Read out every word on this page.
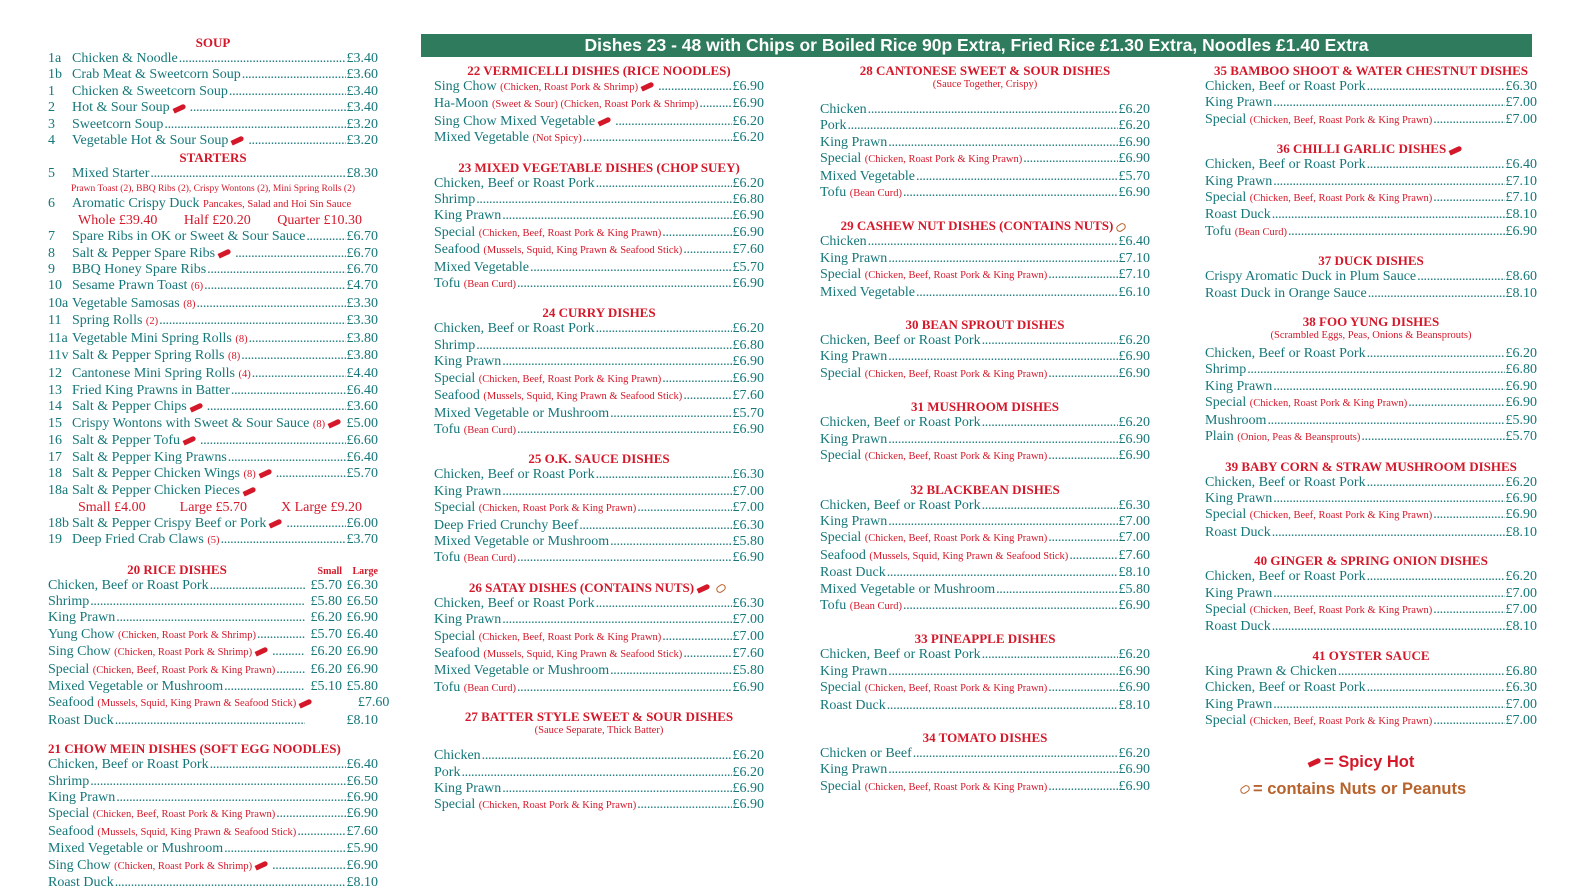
Dishes 23 - 48 with Chips or Boiled Rice 90p Extra, Fried Rice £1.30 Extra, Noodles £1.40 Extra
SOUP
1a Chicken & Noodle .....	£3.40
1b Crab Meat & Sweetcorn Soup .....	£3.60
1 Chicken & Sweetcorn Soup .....	£3.40
2 Hot & Sour Soup .....	£3.40
3 Sweetcorn Soup .....	£3.20
4 Vegetable Hot & Sour Soup .....	£3.20
STARTERS
5 Mixed Starter .....	£8.30
Prawn Toast (2), BBQ Ribs (2), Crispy Wontons (2), Mini Spring Rolls (2)
6 Aromatic Crispy Duck Pancakes, Salad and Hoi Sin Sauce
Whole £39.40 Half £20.20 Quarter £10.30
7 Spare Ribs in OK or Sweet & Sour Sauce .....	£6.70
8 Salt & Pepper Spare Ribs .....	£6.70
9 BBQ Honey Spare Ribs .....	£6.70
10 Sesame Prawn Toast (6) .....	£4.70
10a Vegetable Samosas (8) .....	£3.30
11 Spring Rolls (2) .....	£3.30
11a Vegetable Mini Spring Rolls (8) .....	£3.80
11v Salt & Pepper Spring Rolls (8) .....	£3.80
12 Cantonese Mini Spring Rolls (4) .....	£4.40
13 Fried King Prawns in Batter .....	£6.40
14 Salt & Pepper Chips .....	£3.60
15 Crispy Wontons with Sweet & Sour Sauce (8) .....	£5.00
16 Salt & Pepper Tofu .....	£6.60
17 Salt & Pepper King Prawns .....	£6.40
18 Salt & Pepper Chicken Wings (8) .....	£5.70
18a Salt & Pepper Chicken Pieces
Small £4.00 Large £5.70 X Large £9.20
18b Salt & Pepper Crispy Beef or Pork .....	£6.00
19 Deep Fried Crab Claws (5) .....	£3.70
20 RICE DISHES	Small	Large
Chicken, Beef or Roast Pork .....	£5.70 £6.30
Shrimp .....	£5.80 £6.50
King Prawn .....	£6.20 £6.90
Yung Chow (Chicken, Roast Pork & Shrimp) .....	£5.70 £6.40
Sing Chow (Chicken, Roast Pork & Shrimp) .....	£6.20 £6.90
Special (Chicken, Beef, Roast Pork & King Prawn) .....	£6.20 £6.90
Mixed Vegetable or Mushroom .....	£5.10 £5.80
Seafood (Mussels, Squid, King Prawn & Seafood Stick)	£7.60
Roast Duck .....	£8.10
21 CHOW MEIN DISHES (SOFT EGG NOODLES)
Chicken, Beef or Roast Pork .....	£6.40
Shrimp .....	£6.50
King Prawn .....	£6.90
Special (Chicken, Beef, Roast Pork & King Prawn) .....	£6.90
Seafood (Mussels, Squid, King Prawn & Seafood Stick) .....	£7.60
Mixed Vegetable or Mushroom .....	£5.90
Sing Chow (Chicken, Roast Pork & Shrimp) .....	£6.90
Roast Duck .....	£8.10
22 VERMICELLI DISHES (RICE NOODLES)
Sing Chow (Chicken, Roast Pork & Shrimp) .....	£6.90
Ha-Moon (Sweet & Sour) (Chicken, Roast Pork & Shrimp) ..... £6.90
Sing Chow Mixed Vegetable .....	£6.20
Mixed Vegetable (Not Spicy) .....	£6.20
23 MIXED VEGETABLE DISHES (CHOP SUEY)
Chicken, Beef or Roast Pork .....	£6.20
Shrimp .....	£6.80
King Prawn .....	£6.90
Special (Chicken, Beef, Roast Pork & King Prawn) .....	£6.90
Seafood (Mussels, Squid, King Prawn & Seafood Stick) .....	£7.60
Mixed Vegetable .....	£5.70
Tofu (Bean Curd) .....	£6.90
24 CURRY DISHES
Chicken, Beef or Roast Pork .....	£6.20
Shrimp .....	£6.80
King Prawn .....	£6.90
Special (Chicken, Beef, Roast Pork & King Prawn) .....	£6.90
Seafood (Mussels, Squid, King Prawn & Seafood Stick) .....	£7.60
Mixed Vegetable or Mushroom .....	£5.70
Tofu (Bean Curd) .....	£6.90
25 O.K. SAUCE DISHES
Chicken, Beef or Roast Pork .....	£6.30
King Prawn .....	£7.00
Special (Chicken, Roast Pork & King Prawn) .....	£7.00
Deep Fried Crunchy Beef .....	£6.30
Mixed Vegetable or Mushroom .....	£5.80
Tofu (Bean Curd) .....	£6.90
26 SATAY DISHES (CONTAINS NUTS)
Chicken, Beef or Roast Pork .....	£6.30
King Prawn .....	£7.00
Special (Chicken, Beef, Roast Pork & King Prawn) .....	£7.00
Seafood (Mussels, Squid, King Prawn & Seafood Stick) .....	£7.60
Mixed Vegetable or Mushroom .....	£5.80
Tofu (Bean Curd) .....	£6.90
27 BATTER STYLE SWEET & SOUR DISHES
(Sauce Separate, Thick Batter)
Chicken .....	£6.20
Pork .....	£6.20
King Prawn .....	£6.90
Special (Chicken, Roast Pork & King Prawn) .....	£6.90
28 CANTONESE SWEET & SOUR DISHES
(Sauce Together, Crispy)
Chicken .....	£6.20
Pork .....	£6.20
King Prawn .....	£6.90
Special (Chicken, Roast Pork & King Prawn) .....	£6.90
Mixed Vegetable .....	£5.70
Tofu (Bean Curd) .....	£6.90
29 CASHEW NUT DISHES (CONTAINS NUTS)
Chicken .....	£6.40
King Prawn .....	£7.10
Special (Chicken, Beef, Roast Pork & King Prawn) .....	£7.10
Mixed Vegetable .....	£6.10
30 BEAN SPROUT DISHES
Chicken, Beef or Roast Pork .....	£6.20
King Prawn .....	£6.90
Special (Chicken, Beef, Roast Pork & King Prawn) .....	£6.90
31 MUSHROOM DISHES
Chicken, Beef or Roast Pork .....	£6.20
King Prawn .....	£6.90
Special (Chicken, Beef, Roast Pork & King Prawn) .....	£6.90
32 BLACKBEAN DISHES
Chicken, Beef or Roast Pork .....	£6.30
King Prawn .....	£7.00
Special (Chicken, Beef, Roast Pork & King Prawn) .....	£7.00
Seafood (Mussels, Squid, King Prawn & Seafood Stick) .....	£7.60
Roast Duck .....	£8.10
Mixed Vegetable or Mushroom .....	£5.80
Tofu (Bean Curd) .....	£6.90
33 PINEAPPLE DISHES
Chicken, Beef or Roast Pork .....	£6.20
King Prawn .....	£6.90
Special (Chicken, Beef, Roast Pork & King Prawn) .....	£6.90
Roast Duck .....	£8.10
34 TOMATO DISHES
Chicken or Beef .....	£6.20
King Prawn .....	£6.90
Special (Chicken, Beef, Roast Pork & King Prawn) .....	£6.90
35 BAMBOO SHOOT & WATER CHESTNUT DISHES
Chicken, Beef or Roast Pork .....	£6.30
King Prawn .....	£7.00
Special (Chicken, Beef, Roast Pork & King Prawn) .....	£7.00
36 CHILLI GARLIC DISHES
Chicken, Beef or Roast Pork .....	£6.40
King Prawn .....	£7.10
Special (Chicken, Beef, Roast Pork & King Prawn) .....	£7.10
Roast Duck .....	£8.10
Tofu (Bean Curd) .....	£6.90
37 DUCK DISHES
Crispy Aromatic Duck in Plum Sauce .....	£8.60
Roast Duck in Orange Sauce .....	£8.10
38 FOO YUNG DISHES
(Scrambled Eggs, Peas, Onions & Beansprouts)
Chicken, Beef or Roast Pork .....	£6.20
Shrimp .....	£6.80
King Prawn .....	£6.90
Special (Chicken, Roast Pork & King Prawn) .....	£6.90
Mushroom .....	£5.90
Plain (Onion, Peas & Beansprouts) .....	£5.70
39 BABY CORN & STRAW MUSHROOM DISHES
Chicken, Beef or Roast Pork .....	£6.20
King Prawn .....	£6.90
Special (Chicken, Beef, Roast Pork & King Prawn) .....	£6.90
Roast Duck .....	£8.10
40 GINGER & SPRING ONION DISHES
Chicken, Beef or Roast Pork .....	£6.20
King Prawn .....	£7.00
Special (Chicken, Beef, Roast Pork & King Prawn) .....	£7.00
Roast Duck .....	£8.10
41 OYSTER SAUCE
King Prawn & Chicken .....	£6.80
Chicken, Beef or Roast Pork .....	£6.30
King Prawn .....	£7.00
Special (Chicken, Beef, Roast Pork & King Prawn) .....	£7.00
= Spicy Hot
= contains Nuts or Peanuts
